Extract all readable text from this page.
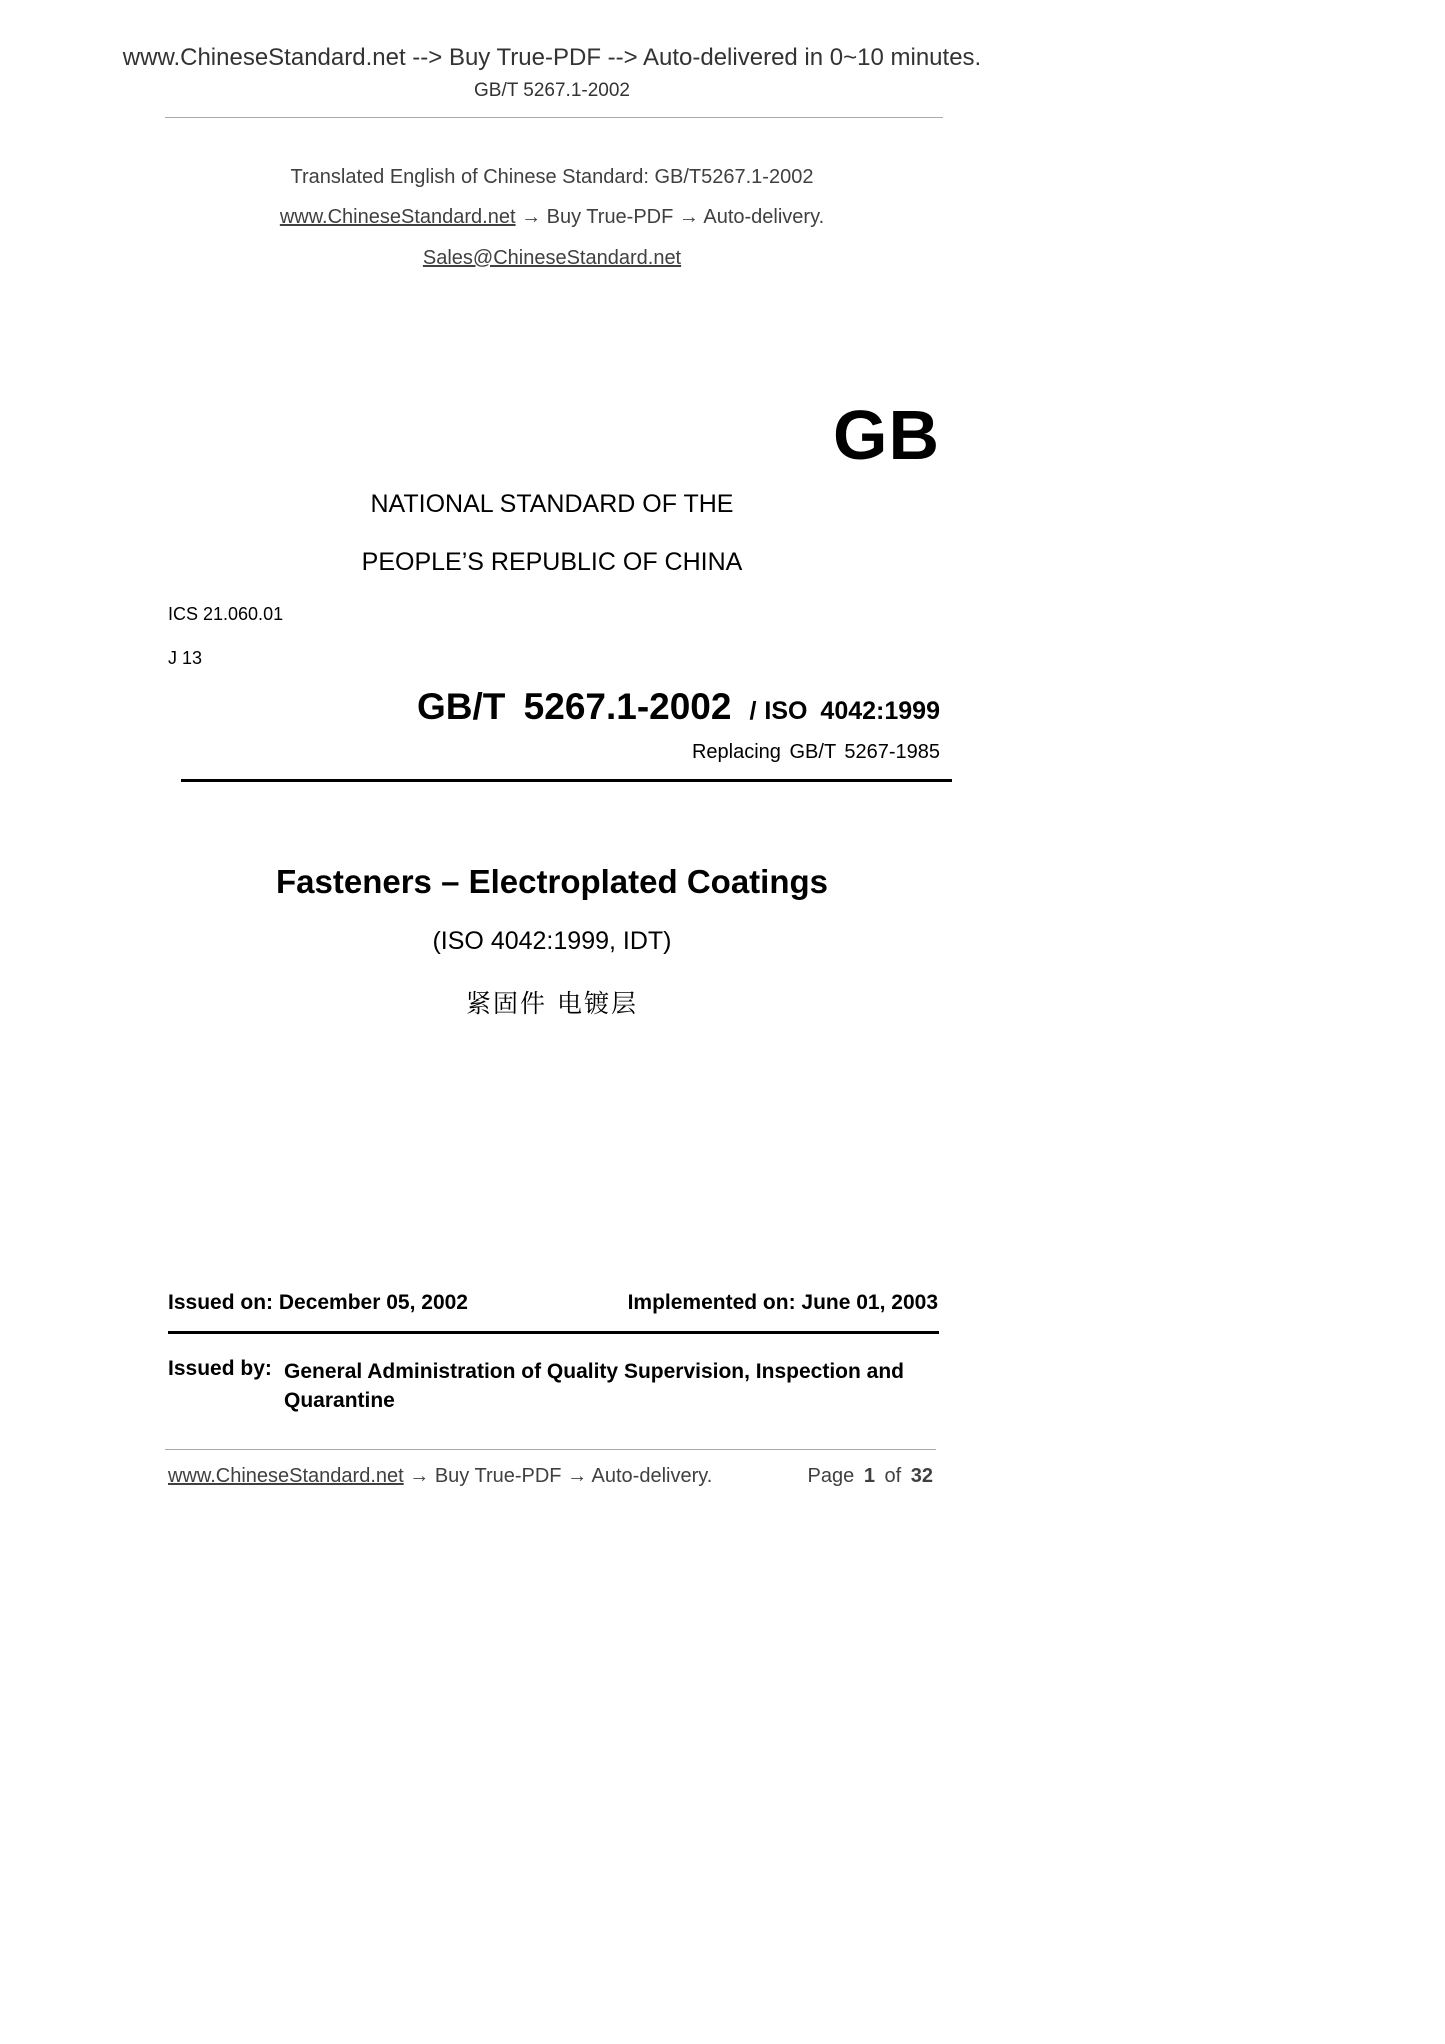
www.ChineseStandard.net --> Buy True-PDF --> Auto-delivered in 0~10 minutes.
GB/T 5267.1-2002
Translated English of Chinese Standard: GB/T5267.1-2002
www.ChineseStandard.net → Buy True-PDF → Auto-delivery.
Sales@ChineseStandard.net
GB
NATIONAL STANDARD OF THE
PEOPLE’S REPUBLIC OF CHINA
ICS 21.060.01
J 13
GB/T 5267.1-2002 / ISO 4042:1999
Replacing GB/T 5267-1985
Fasteners – Electroplated Coatings
(ISO 4042:1999, IDT)
紧固件 电镀层
Issued on: December 05, 2002	Implemented on: June 01, 2003
Issued by: General Administration of Quality Supervision, Inspection and Quarantine
www.ChineseStandard.net → Buy True-PDF → Auto-delivery.	Page 1 of 32
